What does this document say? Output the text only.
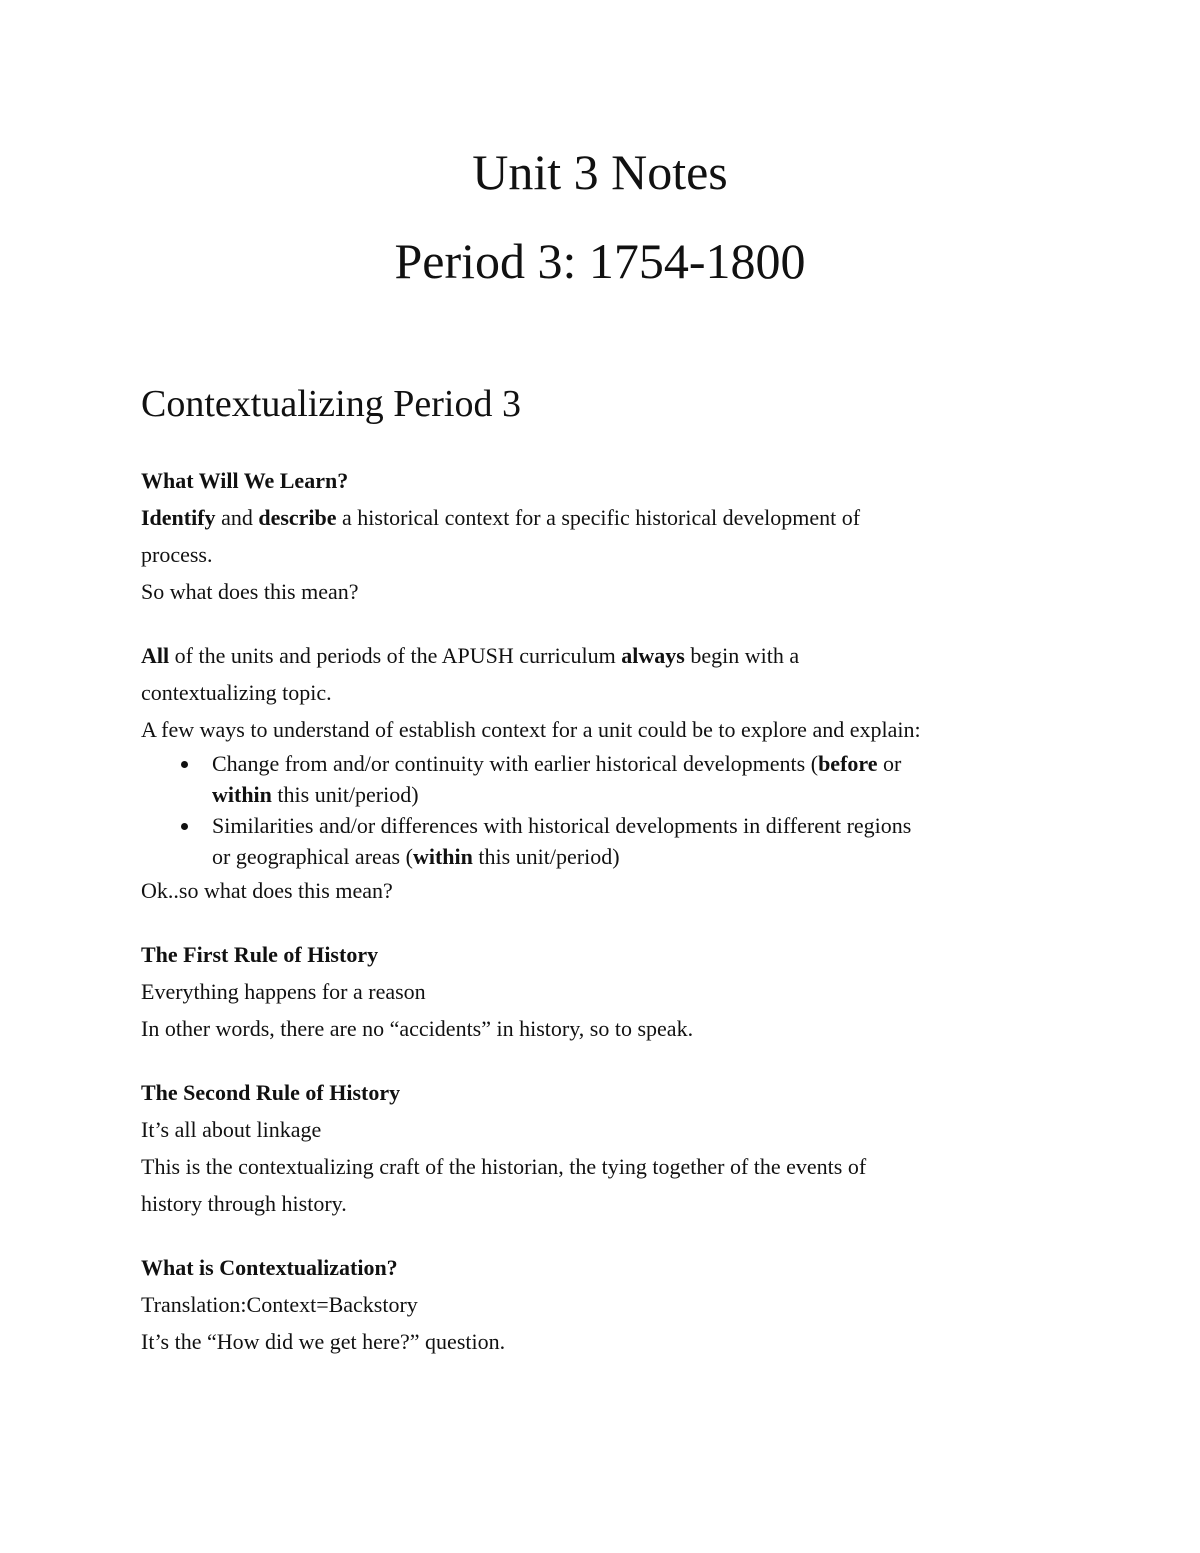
Unit 3 Notes
Period 3: 1754-1800
Contextualizing Period 3

What Will We Learn?

Identify and describe a historical context for a specific historical development of

process.

So what does this mean?

All of the units and periods of the APUSH curriculum always begin with a

contextualizing topic.

A few ways to understand of establish context for a unit could be to explore and explain:

Change from and/or continuity with earlier historical developments (before or
within this unit/period)
Similarities and/or differences with historical developments in different regions
or geographical areas (within this unit/period)

Ok..so what does this mean?

The First Rule of History

Everything happens for a reason

In other words, there are no “accidents” in history, so to speak.

The Second Rule of History

It’s all about linkage

This is the contextualizing craft of the historian, the tying together of the events of

history through history.

What is Contextualization?

Translation:Context=Backstory

It’s the “How did we get here?” question.
